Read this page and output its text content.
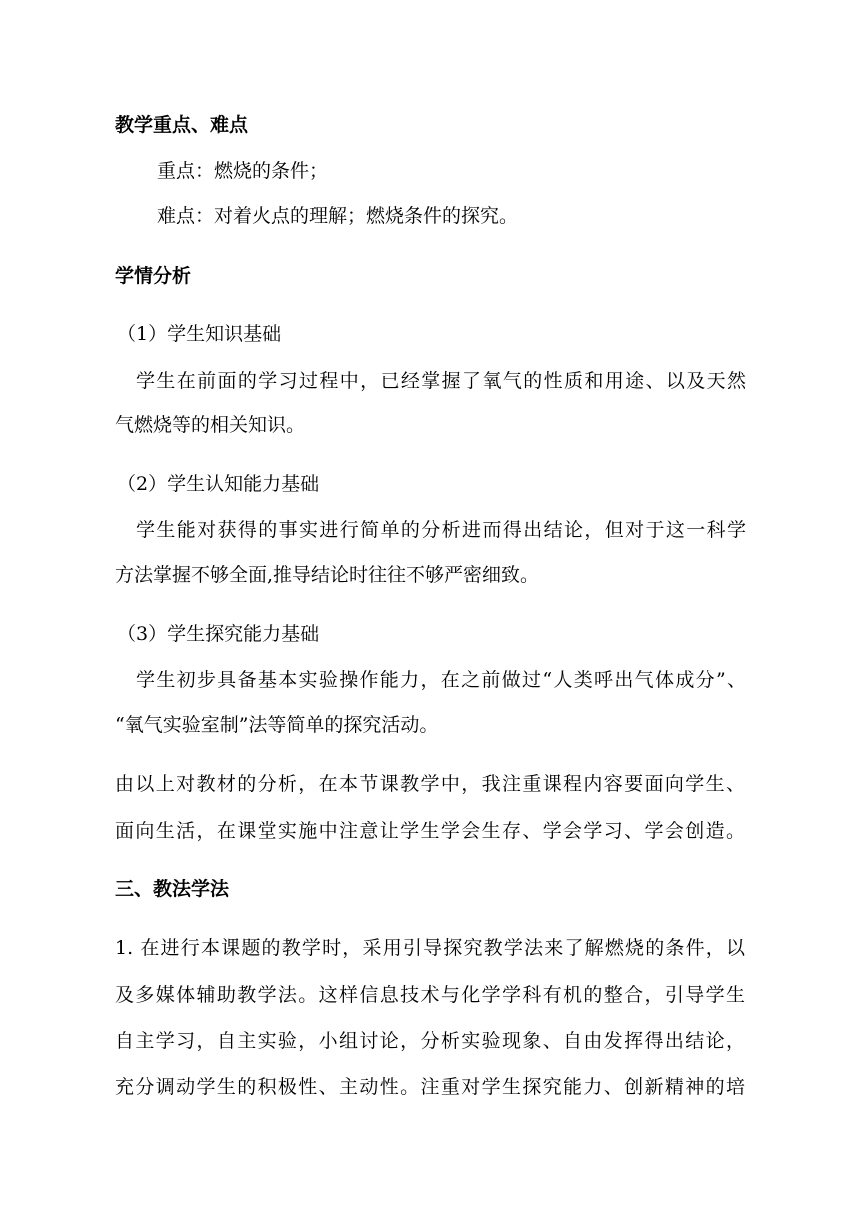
教学重点、难点
重点：燃烧的条件；
难点：对着火点的理解；燃烧条件的探究。
学情分析
（1）学生知识基础
学生在前面的学习过程中，已经掌握了氧气的性质和用途、以及天然
气燃烧等的相关知识。
（2）学生认知能力基础
学生能对获得的事实进行简单的分析进而得出结论，但对于这一科学
方法掌握不够全面,推导结论时往往不够严密细致。
（3）学生探究能力基础
学生初步具备基本实验操作能力，在之前做过“人类呼出气体成分”、
“氧气实验室制”法等简单的探究活动。
由以上对教材的分析，在本节课教学中，我注重课程内容要面向学生、
面向生活，在课堂实施中注意让学生学会生存、学会学习、学会创造。
三、教法学法
1. 在进行本课题的教学时，采用引导探究教学法来了解燃烧的条件，以
及多媒体辅助教学法。这样信息技术与化学学科有机的整合，引导学生
自主学习，自主实验，小组讨论，分析实验现象、自由发挥得出结论，
充分调动学生的积极性、主动性。注重对学生探究能力、创新精神的培
